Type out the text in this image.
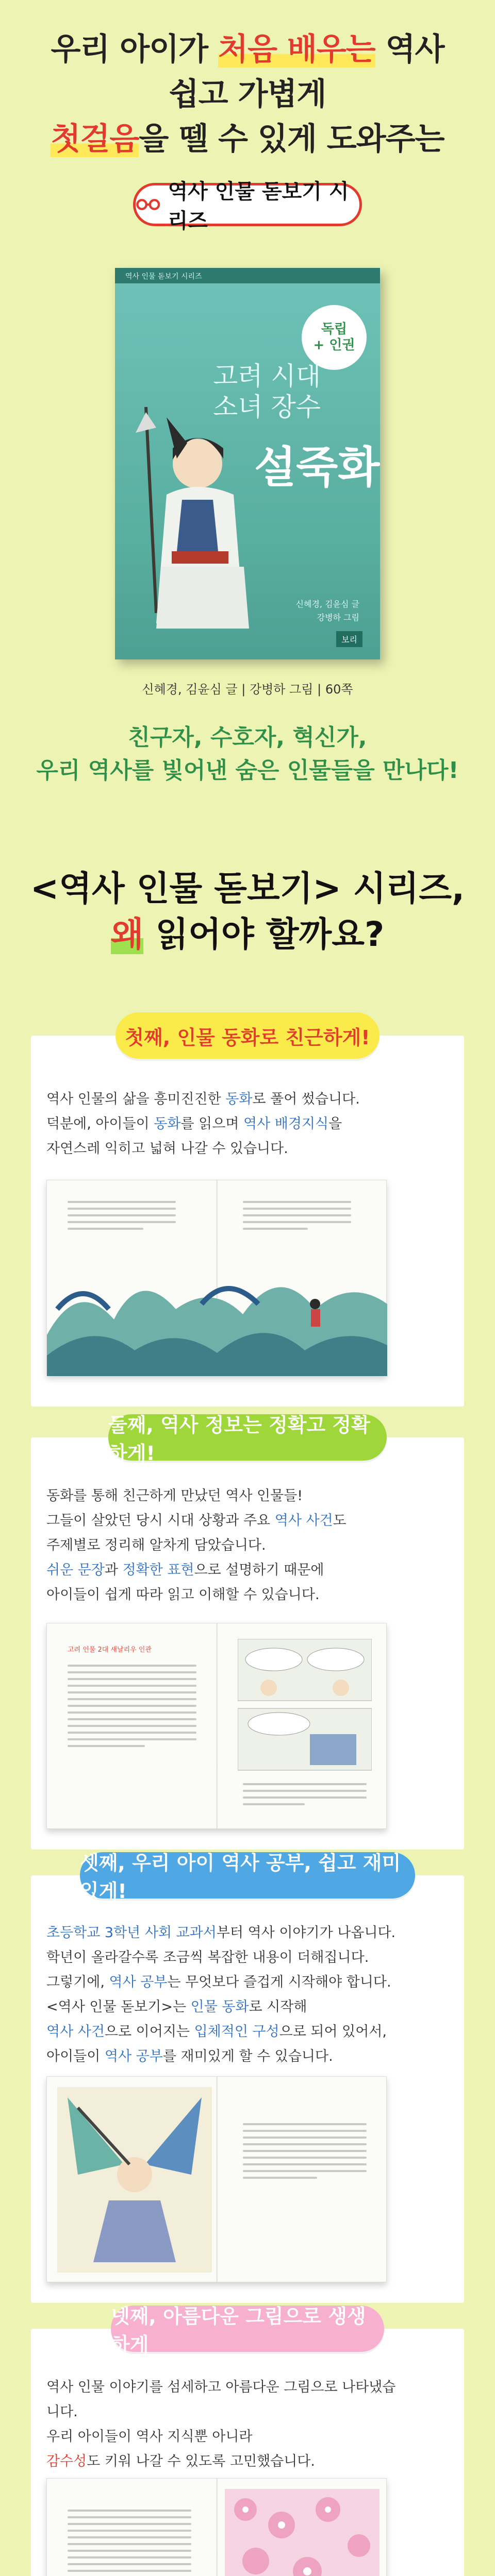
우리 아이가 처음 배우는 역사
쉽고 가볍게
첫걸음을 뗄 수 있게 도와주는
역사 인물 돋보기 시리즈
역사 인물 돋보기 시리즈
독립
+ 인권
고려 시대
소녀 장수
설죽화
신혜경, 김윤심 글
강병하 그림
보리
신혜경, 김윤심 글 | 강병하 그림 | 60쪽
친구자, 수호자, 혁신가,
우리 역사를 빛어낸 숨은 인물들을 만나다!
<역사 인물 돋보기> 시리즈,
왜 읽어야 할까요?
첫째, 인물 동화로 친근하게!
역사 인물의 삶을 흥미진진한 동화로 풀어 썼습니다.
덕분에, 아이들이 동화를 읽으며 역사 배경지식을
자연스레 익히고 넓혀 나갈 수 있습니다.
둘째, 역사 정보는 정확고 정확하게!
동화를 통해 친근하게 만났던 역사 인물들!
그들이 살았던 당시 시대 상황과 주요 역사 사건도
주제별로 정리해 알차게 담았습니다.
쉬운 문장과 정확한 표현으로 설명하기 때문에
아이들이 쉽게 따라 읽고 이해할 수 있습니다.
고려 인물 2대 새날리우 인관
셋째, 우리 아이 역사 공부, 쉽고 재미있게!
초등학교 3학년 사회 교과서부터 역사 이야기가 나옵니다.
학년이 올라갈수록 조금씩 복잡한 내용이 더해집니다.
그렇기에, 역사 공부는 무엇보다 즐겁게 시작해야 합니다.
<역사 인물 돋보기>는 인물 동화로 시작해
역사 사건으로 이어지는 입체적인 구성으로 되어 있어서,
아이들이 역사 공부를 재미있게 할 수 있습니다.
넷째, 아름다운 그림으로 생생하게
역사 인물 이야기를 섬세하고 아름다운 그림으로 나타냈습니다.
우리 아이들이 역사 지식뿐 아니라
감수성도 키워 나갈 수 있도록 고민했습니다.
